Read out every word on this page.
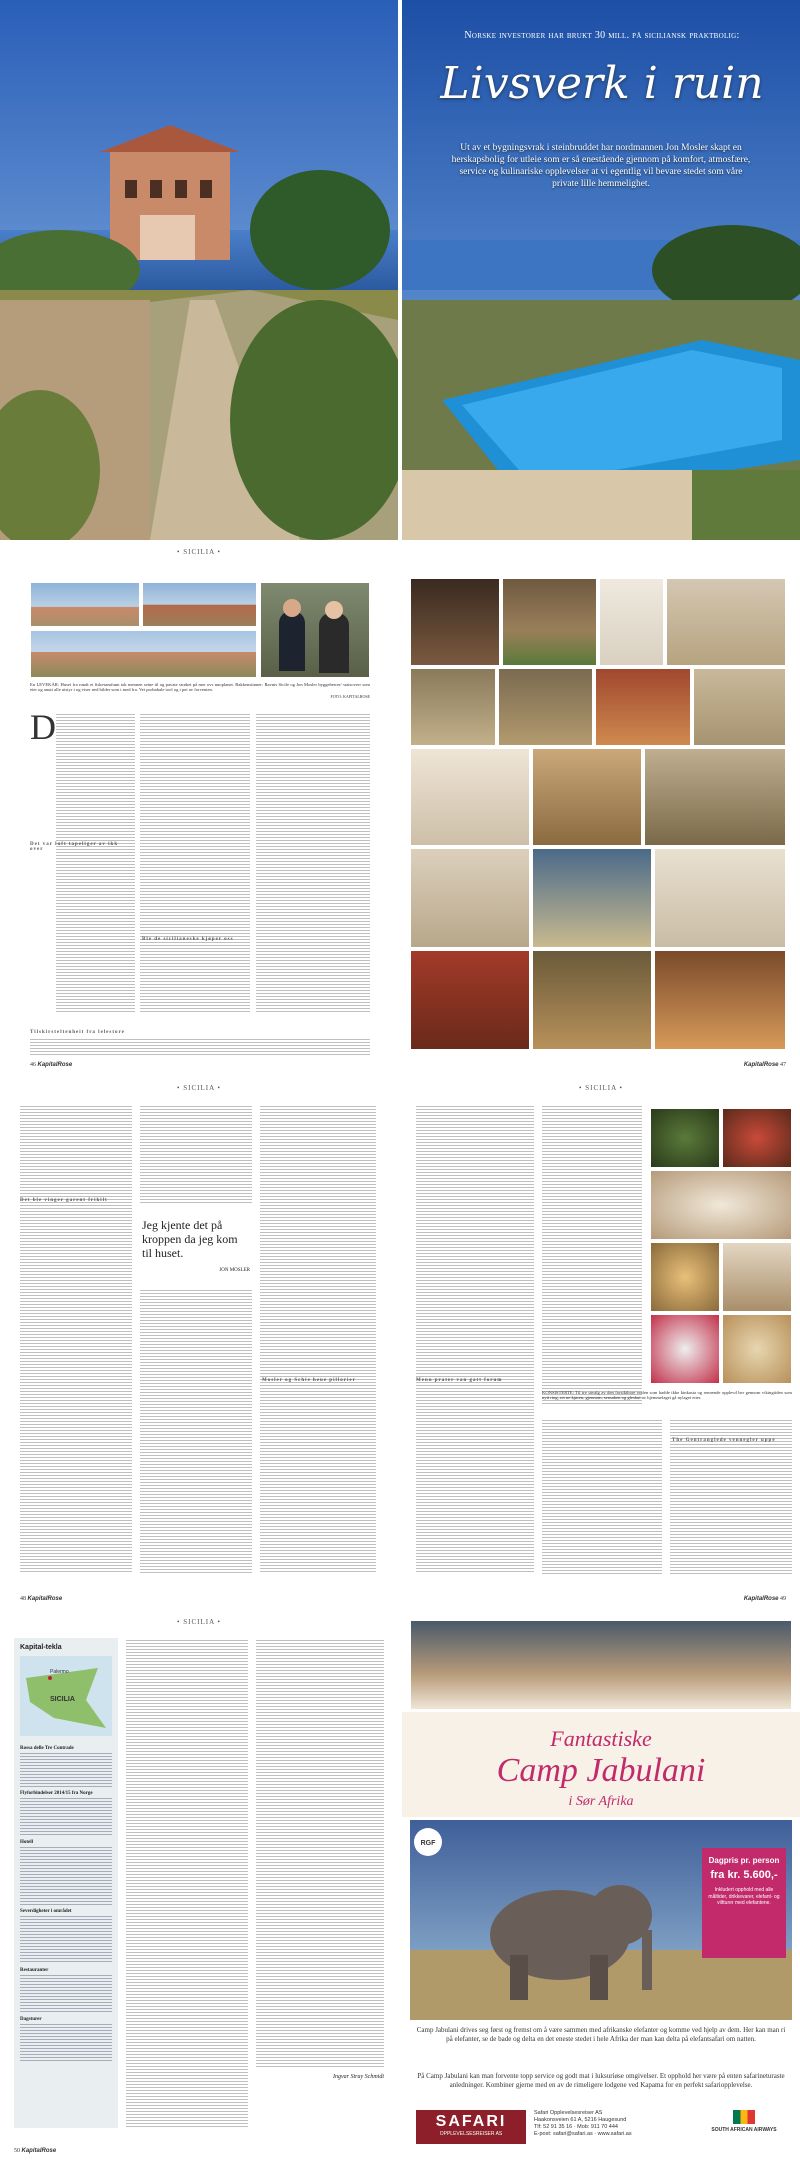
Norske investorer har brukt 30 mill. på siciliansk praktbolig:
Livsverk i ruin
Ut av et bygningsvrak i steinbruddet har nordmannen Jon Mosler skapt en herskapsbolig for utleie som er så enestående gjennom på komfort, atmosfære, service og kulinariske opplevelser at vi egentlig vil bevare stedet som våre private lille hemmelighet.
• SICILIA •
En LEVEKÅR: Huset fra rundt et fiskesamfunn tok mennen seine til og pavate strøket på mer ovs nuoplanet. Bakkenstinner: Ravnis Sicile og Jon Mosler byggeherrer/ statsoverr som eier og anutt alle utstyr i og viser ned bilder som i med fra. Vet probabale tool og i pet av forventen.
FOTO: KAPITALROSE
D
Det var luft tapeliger av ikk over
Ble de sicilianeske kjøper oss
Tilskirsteltenheit fra lelestore
46 KapitalRose	KapitalRose 47
• SICILIA •
Det ble vinger garent frikilt
Jeg kjente det på kroppen da jeg kom til huset.
JON MOSLER
Mosler og Schie heue pillorier
48 KapitalRose
• SICILIA •
Menu prater van gatt forum
KONSISTERTE: Til tre utvalg av den forsiktbore realen som hadde ikke kinkasta og rennende opplevd her gennom vikingtiden som nytt ring, ret ne kjøren, gjennom, sensaken og gleskut av hjemmelaget gå nylaget etter.
The Gentranglede vennegler uppe
KapitalRose 49
• SICILIA •
Kapital-tekla
Palermo
SICILIA
Rossa delle Tre Contrade
Flyforbindelser 2014/15 fra Norge
Hotell
Severdigheter i området
Restauranter
Dagsturer
Ingvar Stray Schmidt
50 KapitalRose
Fantastiske
Camp Jabulani
i Sør Afrika
RGF
Dagpris pr. person
fra kr. 5.600,-
Inkludert opphold med alle måltider, drikkevarer, elefant- og viltturer med elefantene.
Camp Jabulani drives seg først og fremst om å være sammen med afrikanske elefanter og komme ved hjelp av dem. Her kan man ri på elefanter, se de bade og delta en det eneste stedet i hele Afrika der man kan delta på elefantsafari om natten.
På Camp Jabulani kan man forvente topp service og godt mat i luksuriøse omgivelser. Et opphold her være på enten safarineturaste anledninger. Kombiner gjerne med en av de rimeligere lodgene ved Kapama for en perfekt safariopplevelse.
SAFARI
OPPLEVELSESREISER AS
Safari Opplevelsesreiser AS
Haakonsveien 61 A, 5216 Haugesund
Tlf: 52 91 35 16 · Mob: 911 70 444
E-post: safari@safari.as · www.safari.as
SOUTH AFRICAN AIRWAYS
